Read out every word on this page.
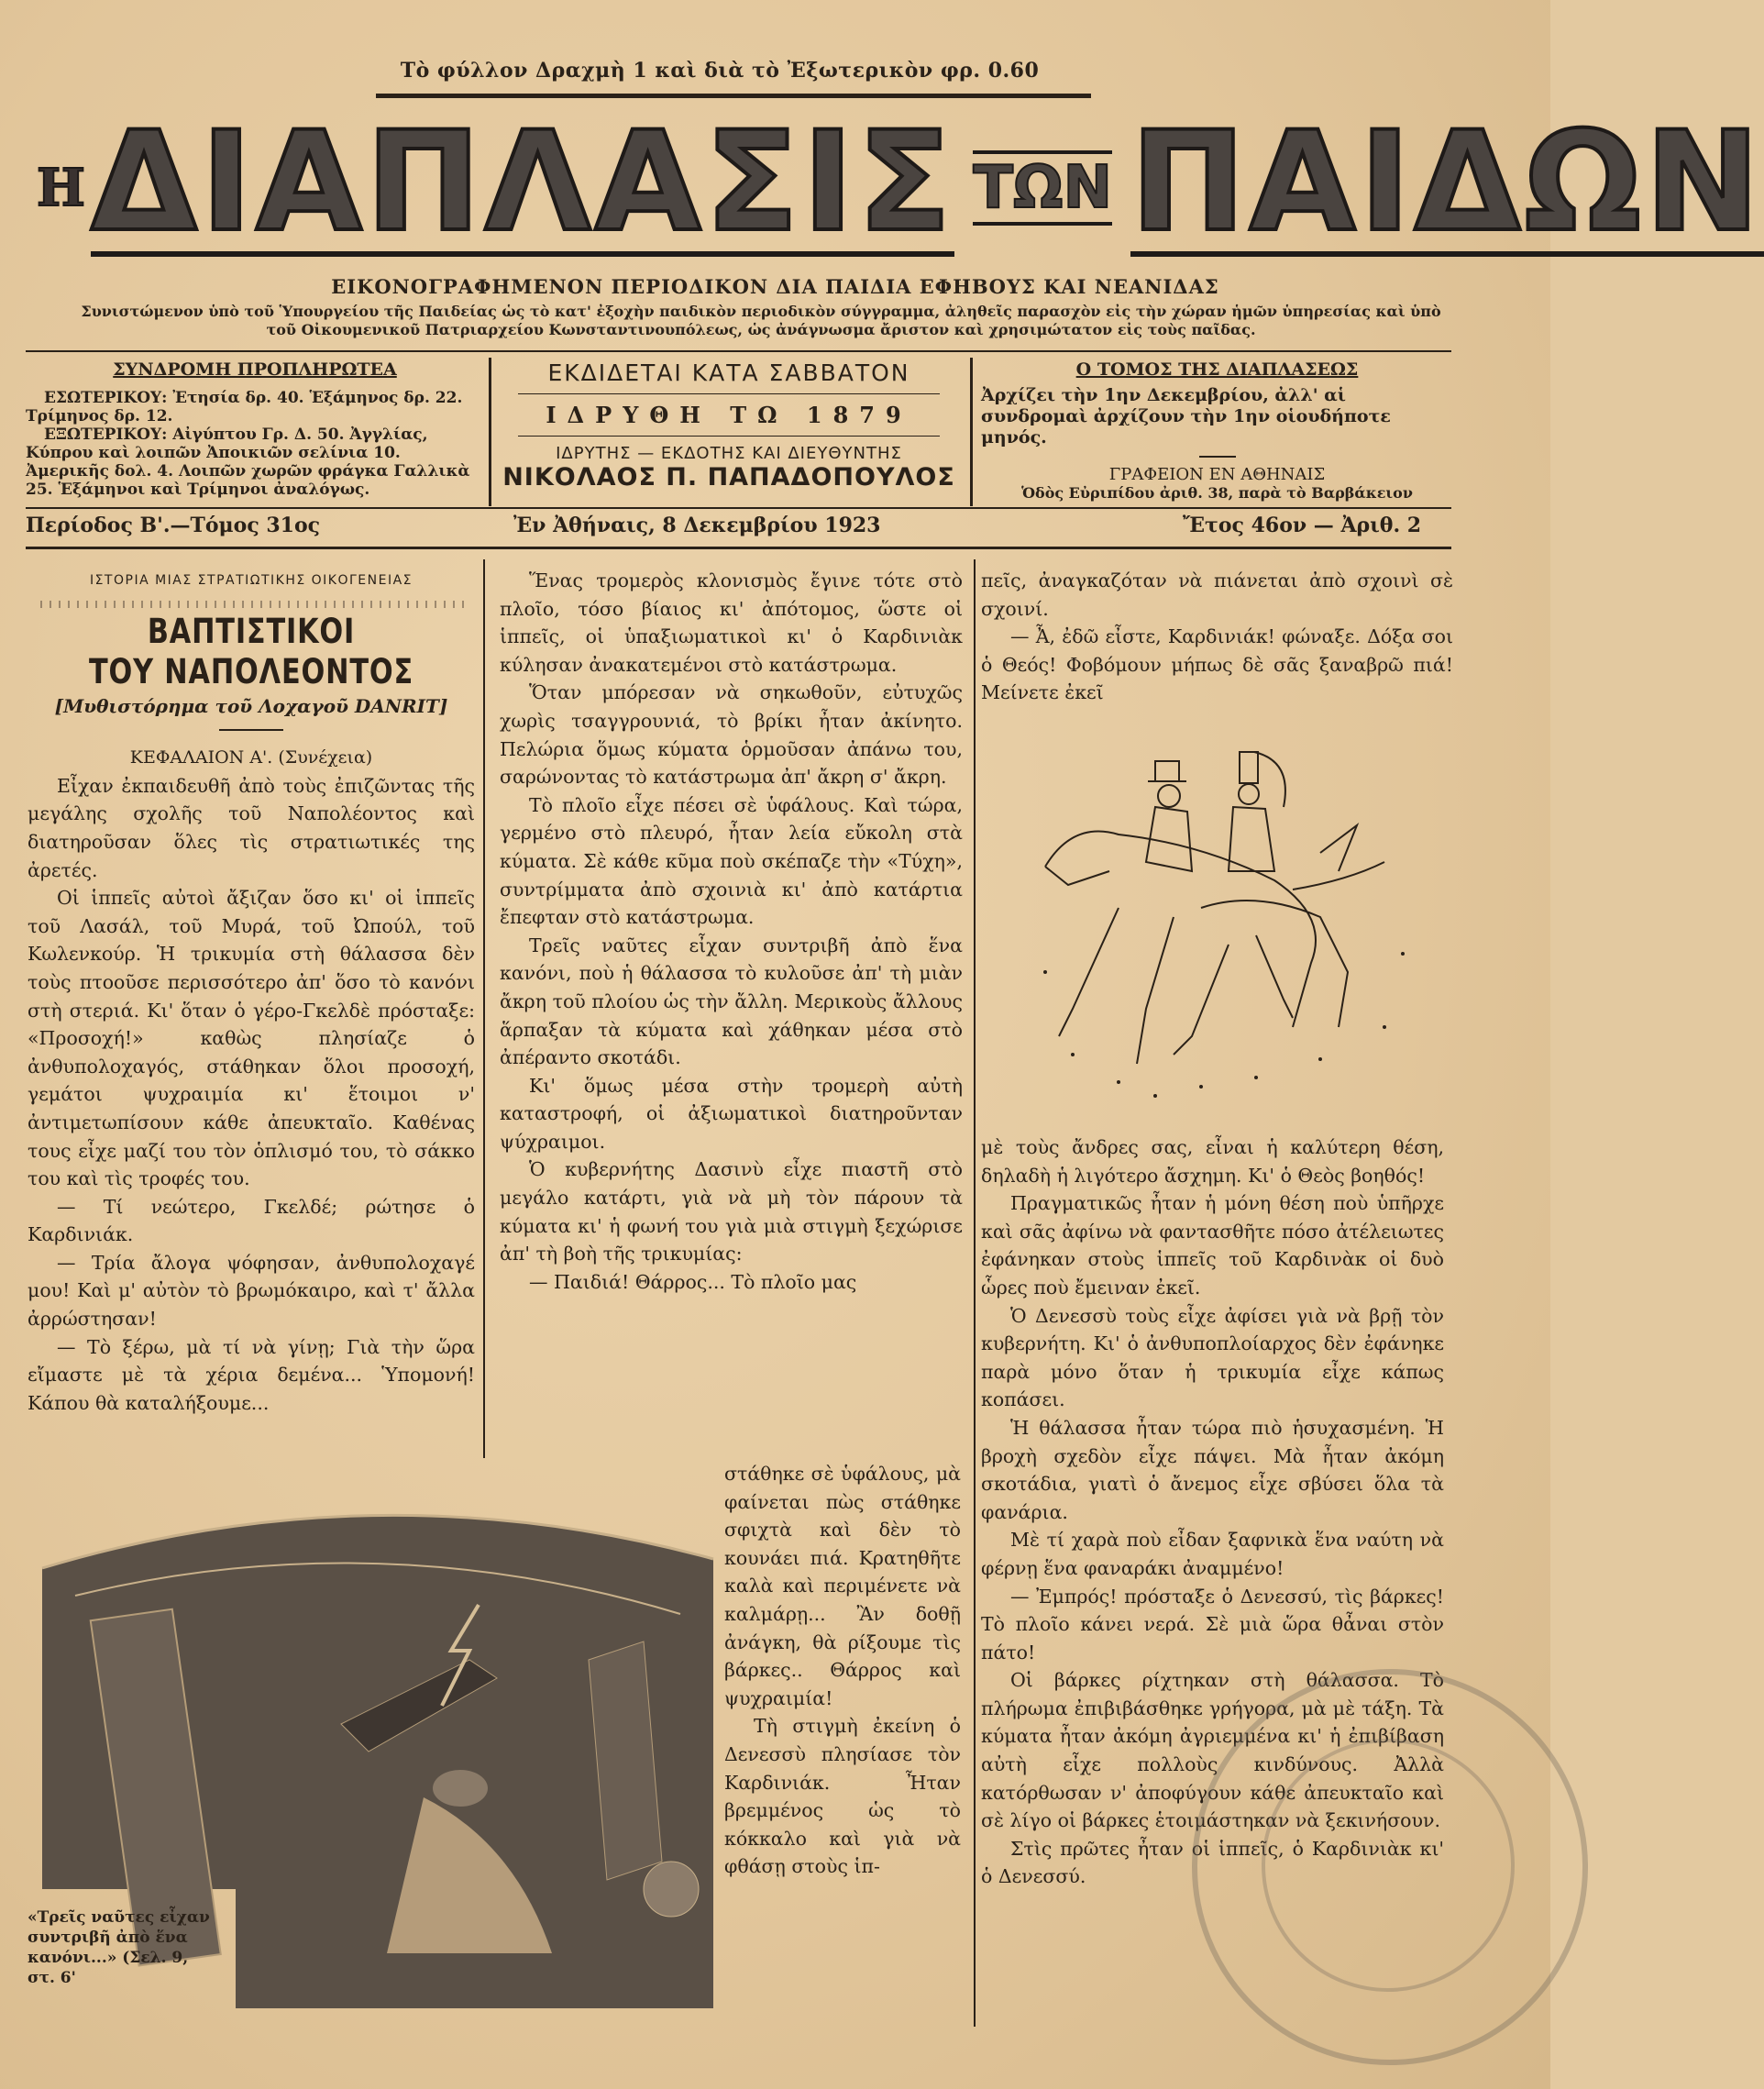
Τὸ φύλλον Δραχμὴ 1 καὶ διὰ τὸ Ἐξωτερικὸν φρ. 0.60
Η ΔΙΑΠΛΑΣΙΣ ΤΩΝ ΠΑΙΔΩΝ
ΕΙΚΟΝΟΓΡΑΦΗΜΕΝΟΝ ΠΕΡΙΟΔΙΚΟΝ ΔΙΑ ΠΑΙΔΙΑ ΕΦΗΒΟΥΣ ΚΑΙ ΝΕΑΝΙΔΑΣ
Συνιστώμενον ὑπὸ τοῦ Ὑπουργείου τῆς Παιδείας ὡς τὸ κατ' ἐξοχὴν παιδικὸν περιοδικὸν σύγγραμμα, ἀληθεῖς παρασχὸν εἰς τὴν χώραν ἡμῶν ὑπηρεσίας καὶ ὑπὸ τοῦ Οἰκουμενικοῦ Πατριαρχείου Κωνσταντινουπόλεως, ὡς ἀνάγνωσμα ἄριστον καὶ χρησιμώτατον εἰς τοὺς παῖδας.
ΣΥΝΔΡΟΜΗ ΠΡΟΠΛΗΡΩΤΕΑ
ΕΣΩΤΕΡΙΚΟΥ: Ἐτησία δρ. 40. Ἑξάμηνος δρ. 22. Τρίμηνος δρ. 12.
ΕΞΩΤΕΡΙΚΟΥ: Αἰγύπτου Γρ. Δ. 50. Ἀγγλίας, Κύπρου καὶ λοιπῶν Ἀποικιῶν σελίνια 10. Ἀμερικῆς δολ. 4. Λοιπῶν χωρῶν φράγκα Γαλλικὰ 25. Ἑξάμηνοι καὶ Τρίμηνοι ἀναλόγως.
ΕΚΔΙΔΕΤΑΙ ΚΑΤΑ ΣΑΒΒΑΤΟΝ
ΙΔΡΥΘΗ ΤΩ 1879
ΙΔΡΥΤΗΣ — ΕΚΔΟΤΗΣ ΚΑΙ ΔΙΕΥΘΥΝΤΗΣ
ΝΙΚΟΛΑΟΣ Π. ΠΑΠΑΔΟΠΟΥΛΟΣ
Ο ΤΟΜΟΣ ΤΗΣ ΔΙΑΠΛΑΣΕΩΣ
Ἀρχίζει τὴν 1ην Δεκεμβρίου, ἀλλ' αἱ συνδρομαὶ ἀρχίζουν τὴν 1ην οἱουδήποτε μηνός.
ΓΡΑΦΕΙΟΝ ΕΝ ΑΘΗΝΑΙΣ
Ὁδὸς Εὐριπίδου ἀριθ. 38, παρὰ τὸ Βαρβάκειον
Περίοδος Β'.—Τόμος 31ος	Ἐν Ἀθήναις, 8 Δεκεμβρίου 1923	Ἔτος 46ον — Ἀριθ. 2
ΙΣΤΟΡΙΑ ΜΙΑΣ ΣΤΡΑΤΙΩΤΙΚΗΣ ΟΙΚΟΓΕΝΕΙΑΣ
ΒΑΠΤΙΣΤΙΚΟΙ
ΤΟΥ ΝΑΠΟΛΕΟΝΤΟΣ
[Μυθιστόρημα τοῦ Λοχαγοῦ DANRIT]
ΚΕΦΑΛΑΙΟΝ Α'. (Συνέχεια)

Εἶχαν ἐκπαιδευθῆ ἀπὸ τοὺς ἐπιζῶντας τῆς μεγάλης σχολῆς τοῦ Ναπολέοντος καὶ διατηροῦσαν ὅλες τὶς στρατιωτικές της ἀρετές.

Οἱ ἱππεῖς αὐτοὶ ἄξιζαν ὅσο κι' οἱ ἱππεῖς τοῦ Λασάλ, τοῦ Μυρά, τοῦ Ὠπούλ, τοῦ Κωλενκούρ. Ἡ τρικυμία στὴ θάλασσα δὲν τοὺς πτοοῦσε περισσότερο ἀπ' ὅσο τὸ κανόνι στὴ στεριά. Κι' ὅταν ὁ γέρο-Γκελδὲ πρόσταξε: «Προσοχή!» καθὼς πλησίαζε ὁ ἀνθυπολοχαγός, στάθηκαν ὅλοι προσοχή, γεμάτοι ψυχραιμία κι' ἕτοιμοι ν' ἀντιμετωπίσουν κάθε ἀπευκταῖο. Καθένας τους εἶχε μαζί του τὸν ὁπλισμό του, τὸ σάκκο του καὶ τὶς τροφές του.

— Τί νεώτερο, Γκελδέ; ρώτησε ὁ Καρδινιάκ.

— Τρία ἄλογα ψόφησαν, ἀνθυπολοχαγέ μου! Καὶ μ' αὐτὸν τὸ βρωμόκαιρο, καὶ τ' ἄλλα ἀρρώστησαν!

— Τὸ ξέρω, μὰ τί νὰ γίνῃ; Γιὰ τὴν ὥρα εἴμαστε μὲ τὰ χέρια δεμένα... Ὑπομονή! Κάπου θὰ καταλήξουμε...

Ἕνας τρομερὸς κλονισμὸς ἔγινε τότε στὸ πλοῖο, τόσο βίαιος κι' ἀπότομος, ὥστε οἱ ἱππεῖς, οἱ ὑπαξιωματικοὶ κι' ὁ Καρδινιὰκ κύλησαν ἀνακατεμένοι στὸ κατάστρωμα.

Ὅταν μπόρεσαν νὰ σηκωθοῦν, εὐτυχῶς χωρὶς τσαγγρουνιά, τὸ βρίκι ἦταν ἀκίνητο. Πελώρια ὅμως κύματα ὁρμοῦσαν ἀπάνω του, σαρώνοντας τὸ κατάστρωμα ἀπ' ἄκρη σ' ἄκρη.

Τὸ πλοῖο εἶχε πέσει σὲ ὑφάλους. Καὶ τώρα, γερμένο στὸ πλευρό, ἦταν λεία εὔκολη στὰ κύματα. Σὲ κάθε κῦμα ποὺ σκέπαζε τὴν «Τύχη», συντρίμματα ἀπὸ σχοινιὰ κι' ἀπὸ κατάρτια ἔπεφταν στὸ κατάστρωμα.

Τρεῖς ναῦτες εἶχαν συντριβῆ ἀπὸ ἕνα κανόνι, ποὺ ἡ θάλασσα τὸ κυλοῦσε ἀπ' τὴ μιὰν ἄκρη τοῦ πλοίου ὡς τὴν ἄλλη. Μερικοὺς ἄλλους ἅρπαξαν τὰ κύματα καὶ χάθηκαν μέσα στὸ ἀπέραντο σκοτάδι.

Κι' ὅμως μέσα στὴν τρομερὴ αὐτὴ καταστροφή, οἱ ἀξιωματικοὶ διατηροῦνταν ψύχραιμοι.

Ὁ κυβερνήτης Δασινὺ εἶχε πιαστῆ στὸ μεγάλο κατάρτι, γιὰ νὰ μὴ τὸν πάρουν τὰ κύματα κι' ἡ φωνή του γιὰ μιὰ στιγμὴ ξεχώρισε ἀπ' τὴ βοὴ τῆς τρικυμίας:

— Παιδιά! Θάρρος... Τὸ πλοῖο μας

στάθηκε σὲ ὑφάλους, μὰ φαίνεται πὼς στάθηκε σφιχτὰ καὶ δὲν τὸ κουνάει πιά. Κρατηθῆτε καλὰ καὶ περιμένετε νὰ καλμάρῃ... Ἂν δοθῇ ἀνάγκη, θὰ ρίξουμε τὶς βάρκες.. Θάρρος καὶ ψυχραιμία!

Τὴ στιγμὴ ἐκείνη ὁ Δενεσσὺ πλησίασε τὸν Καρδινιάκ. Ἦταν βρεμμένος ὡς τὸ κόκκαλο καὶ γιὰ νὰ φθάσῃ στοὺς ἱπ-

«Τρεῖς ναῦτες εἶχαν συντριβῆ ἀπὸ ἕνα κανόνι...» (Σελ. 9, στ. 6'

πεῖς, ἀναγκαζόταν νὰ πιάνεται ἀπὸ σχοινὶ σὲ σχοινί.

— Ἆ, ἐδῶ εἶστε, Καρδινιάκ! φώναξε. Δόξα σοι ὁ Θεός! Φοβόμουν μήπως δὲ σᾶς ξαναβρῶ πιά! Μείνετε ἐκεῖ

μὲ τοὺς ἄνδρες σας, εἶναι ἡ καλύτερη θέση, δηλαδὴ ἡ λιγότερο ἄσχημη. Κι' ὁ Θεὸς βοηθός!

Πραγματικῶς ἦταν ἡ μόνη θέση ποὺ ὑπῆρχε καὶ σᾶς ἀφίνω νὰ φαντασθῆτε πόσο ἀτέλειωτες ἐφάνηκαν στοὺς ἱππεῖς τοῦ Καρδινὰκ οἱ δυὸ ὧρες ποὺ ἔμειναν ἐκεῖ.

Ὁ Δενεσσὺ τοὺς εἶχε ἀφίσει γιὰ νὰ βρῇ τὸν κυβερνήτη. Κι' ὁ ἀνθυποπλοίαρχος δὲν ἐφάνηκε παρὰ μόνο ὅταν ἡ τρικυμία εἶχε κάπως κοπάσει.

Ἡ θάλασσα ἦταν τώρα πιὸ ἡσυχασμένη. Ἡ βροχὴ σχεδὸν εἶχε πάψει. Μὰ ἦταν ἀκόμη σκοτάδια, γιατὶ ὁ ἄνεμος εἶχε σβύσει ὅλα τὰ φανάρια.

Μὲ τί χαρὰ ποὺ εἶδαν ξαφνικὰ ἕνα ναύτη νὰ φέρνῃ ἕνα φαναράκι ἀναμμένο!

— Ἐμπρός! πρόσταξε ὁ Δενεσσύ, τὶς βάρκες! Τὸ πλοῖο κάνει νερά. Σὲ μιὰ ὥρα θἆναι στὸν πάτο!

Οἱ βάρκες ρίχτηκαν στὴ θάλασσα. Τὸ πλήρωμα ἐπιβιβάσθηκε γρήγορα, μὰ μὲ τάξη. Τὰ κύματα ἦταν ἀκόμη ἀγριεμμένα κι' ἡ ἐπιβίβαση αὐτὴ εἶχε πολλοὺς κινδύνους. Ἀλλὰ κατόρθωσαν ν' ἀποφύγουν κάθε ἀπευκταῖο καὶ σὲ λίγο οἱ βάρκες ἑτοιμάστηκαν νὰ ξεκινήσουν.

Στὶς πρῶτες ἦταν οἱ ἱππεῖς, ὁ Καρδινιὰκ κι' ὁ Δενεσσύ.
